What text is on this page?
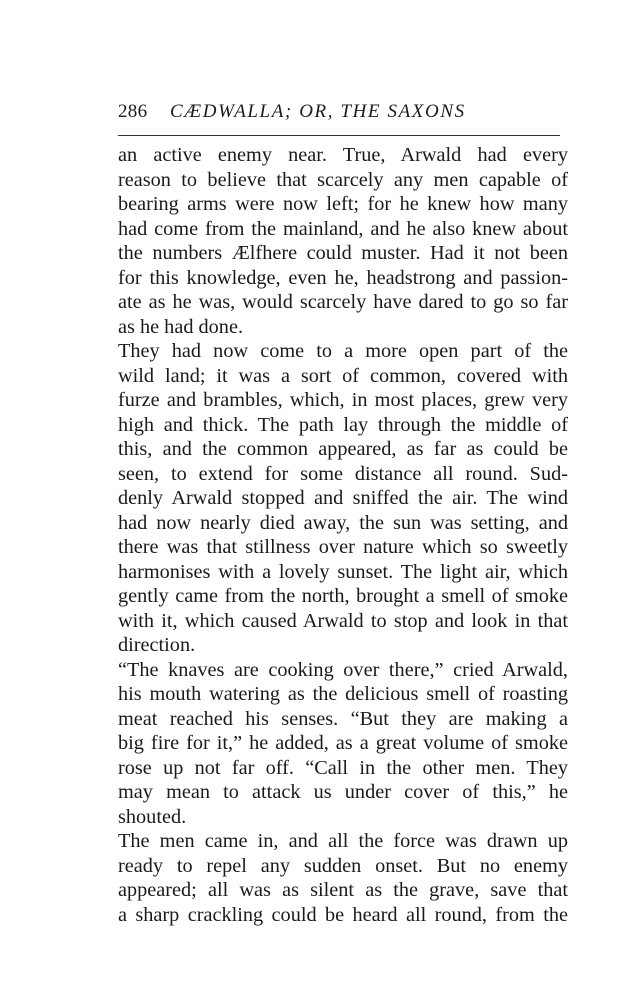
286 CÆDWALLA; OR, THE SAXONS
an active enemy near. True, Arwald had every
reason to believe that scarcely any men capable of
bearing arms were now left; for he knew how many
had come from the mainland, and he also knew about
the numbers Ælfhere could muster. Had it not been
for this knowledge, even he, headstrong and passion-
ate as he was, would scarcely have dared to go so far
as he had done.
They had now come to a more open part of the
wild land; it was a sort of common, covered with
furze and brambles, which, in most places, grew very
high and thick. The path lay through the middle of
this, and the common appeared, as far as could be
seen, to extend for some distance all round. Sud-
denly Arwald stopped and sniffed the air. The wind
had now nearly died away, the sun was setting, and
there was that stillness over nature which so sweetly
harmonises with a lovely sunset. The light air, which
gently came from the north, brought a smell of smoke
with it, which caused Arwald to stop and look in that
direction.
“The knaves are cooking over there,” cried Arwald,
his mouth watering as the delicious smell of roasting
meat reached his senses. “But they are making a
big fire for it,” he added, as a great volume of smoke
rose up not far off. “Call in the other men. They
may mean to attack us under cover of this,” he
shouted.
The men came in, and all the force was drawn up
ready to repel any sudden onset. But no enemy
appeared; all was as silent as the grave, save that
a sharp crackling could be heard all round, from the
